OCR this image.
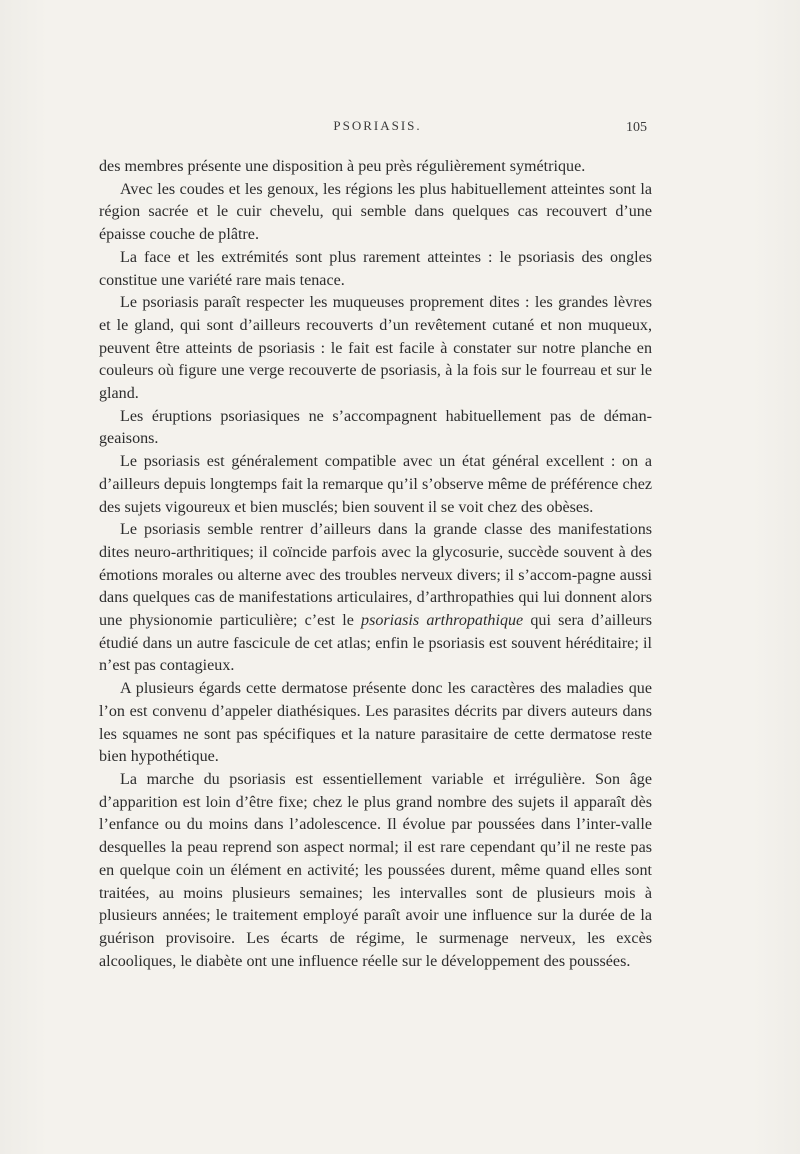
PSORIASIS.	105

des membres présente une disposition à peu près régulièrement symétrique.

Avec les coudes et les genoux, les régions les plus habituellement atteintes sont la région sacrée et le cuir chevelu, qui semble dans quelques cas recouvert d’une épaisse couche de plâtre.

La face et les extrémités sont plus rarement atteintes : le psoriasis des ongles constitue une variété rare mais tenace.

Le psoriasis paraît respecter les muqueuses proprement dites : les grandes lèvres et le gland, qui sont d’ailleurs recouverts d’un revêtement cutané et non muqueux, peuvent être atteints de psoriasis : le fait est facile à constater sur notre planche en couleurs où figure une verge recouverte de psoriasis, à la fois sur le fourreau et sur le gland.

Les éruptions psoriasiques ne s’accompagnent habituellement pas de déman-geaisons.

Le psoriasis est généralement compatible avec un état général excellent : on a d’ailleurs depuis longtemps fait la remarque qu’il s’observe même de préférence chez des sujets vigoureux et bien musclés; bien souvent il se voit chez des obèses.

Le psoriasis semble rentrer d’ailleurs dans la grande classe des manifestations dites neuro-arthritiques; il coïncide parfois avec la glycosurie, succède souvent à des émotions morales ou alterne avec des troubles nerveux divers; il s’accom-pagne aussi dans quelques cas de manifestations articulaires, d’arthropathies qui lui donnent alors une physionomie particulière; c’est le psoriasis arthropathique qui sera d’ailleurs étudié dans un autre fascicule de cet atlas; enfin le psoriasis est souvent héréditaire; il n’est pas contagieux.

A plusieurs égards cette dermatose présente donc les caractères des maladies que l’on est convenu d’appeler diathésiques. Les parasites décrits par divers auteurs dans les squames ne sont pas spécifiques et la nature parasitaire de cette dermatose reste bien hypothétique.

La marche du psoriasis est essentiellement variable et irrégulière. Son âge d’apparition est loin d’être fixe; chez le plus grand nombre des sujets il apparaît dès l’enfance ou du moins dans l’adolescence. Il évolue par poussées dans l’inter-valle desquelles la peau reprend son aspect normal; il est rare cependant qu’il ne reste pas en quelque coin un élément en activité; les poussées durent, même quand elles sont traitées, au moins plusieurs semaines; les intervalles sont de plusieurs mois à plusieurs années; le traitement employé paraît avoir une influence sur la durée de la guérison provisoire. Les écarts de régime, le surmenage nerveux, les excès alcooliques, le diabète ont une influence réelle sur le développement des poussées.
